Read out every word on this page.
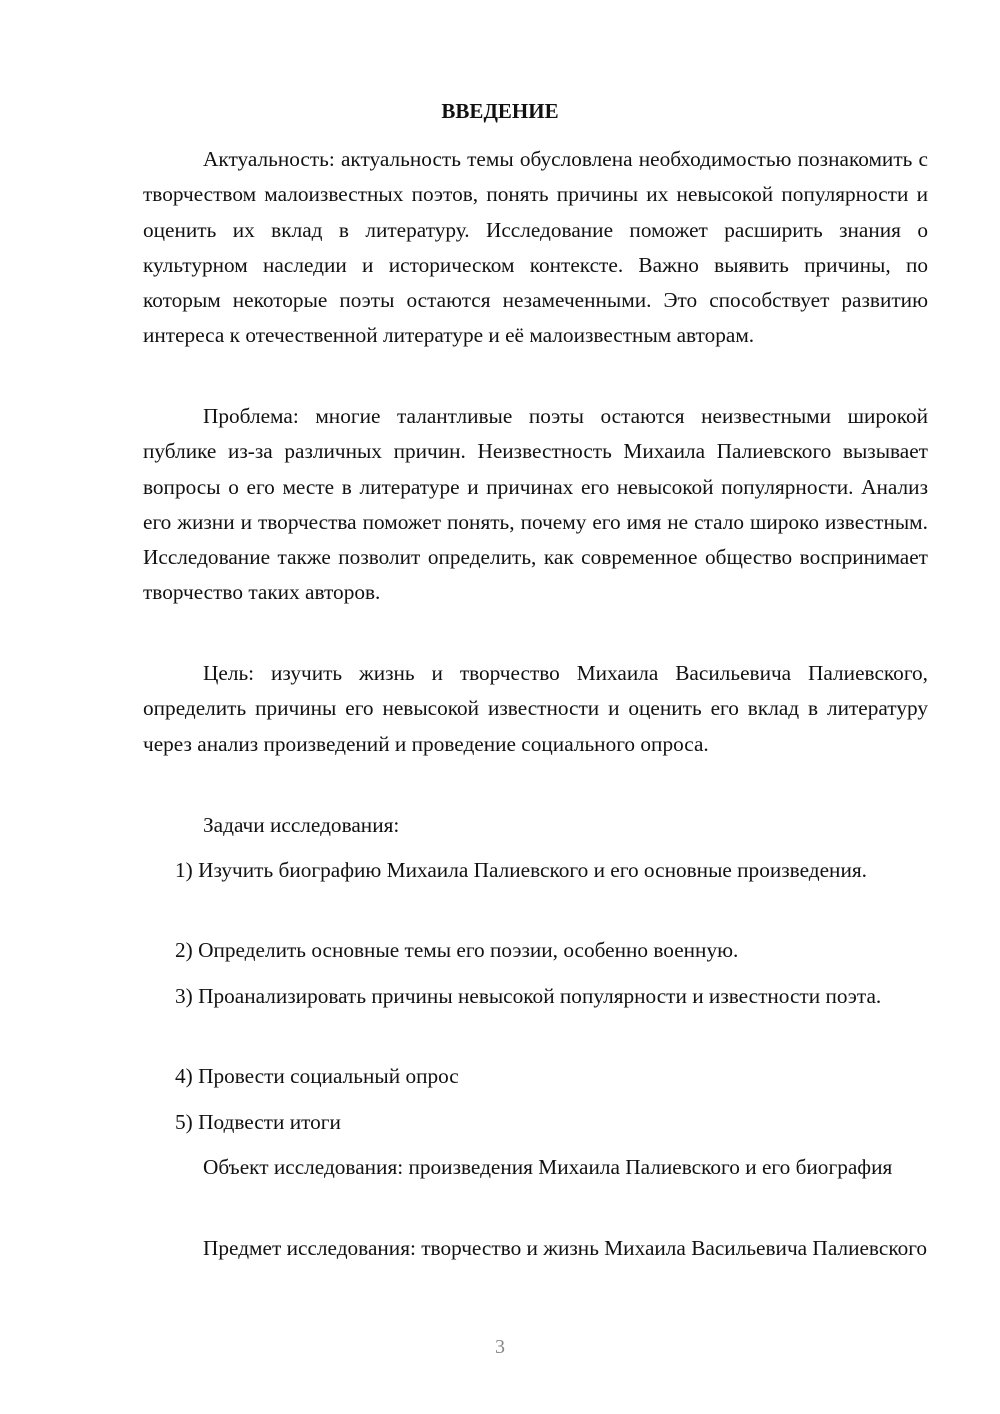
ВВЕДЕНИЕ

Актуальность: актуальность темы обусловлена необходимостью познакомить с творчеством малоизвестных поэтов, понять причины их невысокой популярности и оценить их вклад в литературу. Исследование поможет расширить знания о культурном наследии и историческом контексте. Важно выявить причины, по которым некоторые поэты остаются незамеченными. Это способствует развитию интереса к отечественной литературе и её малоизвестным авторам.

Проблема: многие талантливые поэты остаются неизвестными широкой публике из-за различных причин. Неизвестность Михаила Палиевского вызывает вопросы о его месте в литературе и причинах его невысокой популярности. Анализ его жизни и творчества поможет понять, почему его имя не стало широко известным. Исследование также позволит определить, как современное общество воспринимает творчество таких авторов.

Цель: изучить жизнь и творчество Михаила Васильевича Палиевского, определить причины его невысокой известности и оценить его вклад в литературу через анализ произведений и проведение социального опроса.

Задачи исследования:

1) Изучить биографию Михаила Палиевского и его основные произведения.

2) Определить основные темы его поэзии, особенно военную.

3) Проанализировать причины невысокой популярности и известности поэта.

4) Провести социальный опрос

5) Подвести итоги

Объект исследования: произведения Михаила Палиевского и его биография

Предмет исследования: творчество и жизнь Михаила Васильевича Палиевского

3
